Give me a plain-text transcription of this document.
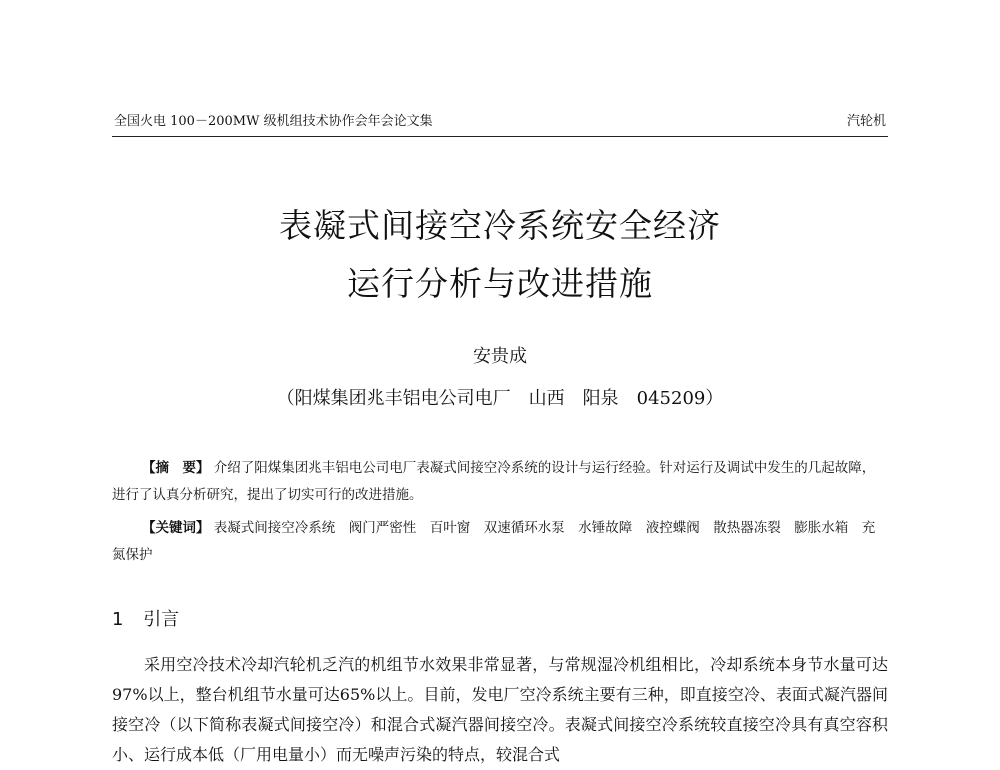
全国火电 100－200MW 级机组技术协作会年会论文集	汽轮机
表凝式间接空冷系统安全经济
运行分析与改进措施
安贵成
（阳煤集团兆丰铝电公司电厂　山西　阳泉　045209）
【摘　要】 介绍了阳煤集团兆丰铝电公司电厂表凝式间接空冷系统的设计与运行经验。针对运行及调试中发生的几起故障，进行了认真分析研究，提出了切实可行的改进措施。
【关键词】 表凝式间接空冷系统　阀门严密性　百叶窗　双速循环水泵　水锤故障　液控蝶阀　散热器冻裂　膨胀水箱　充氮保护
1 引言
采用空冷技术冷却汽轮机乏汽的机组节水效果非常显著，与常规湿冷机组相比，冷却系统本身节水量可达97%以上，整台机组节水量可达65%以上。目前，发电厂空冷系统主要有三种，即直接空冷、表面式凝汽器间接空冷（以下简称表凝式间接空冷）和混合式凝汽器间接空冷。表凝式间接空冷系统较直接空冷具有真空容积小、运行成本低（厂用电量小）而无噪声污染的特点，较混合式
